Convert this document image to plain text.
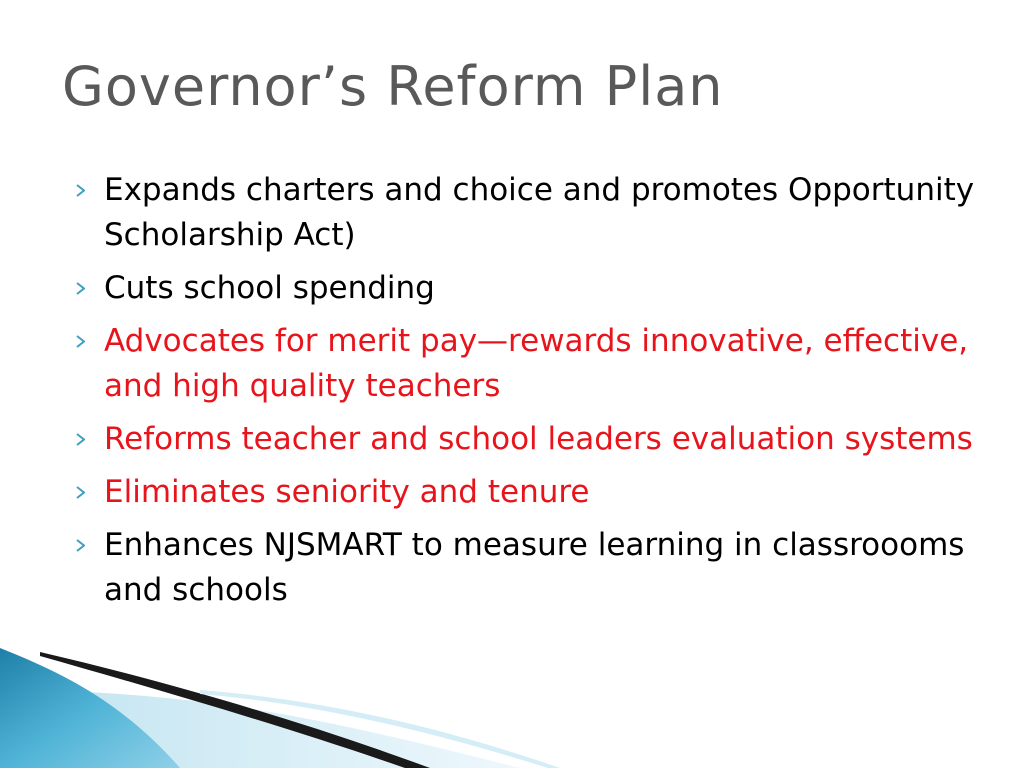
Governor’s Reform Plan
Expands charters and choice and promotes Opportunity Scholarship Act)
Cuts school spending
Advocates for merit pay—rewards innovative, effective, and high quality teachers
Reforms teacher and school leaders evaluation systems
Eliminates seniority and tenure
Enhances NJSMART to measure learning in classroooms and schools
